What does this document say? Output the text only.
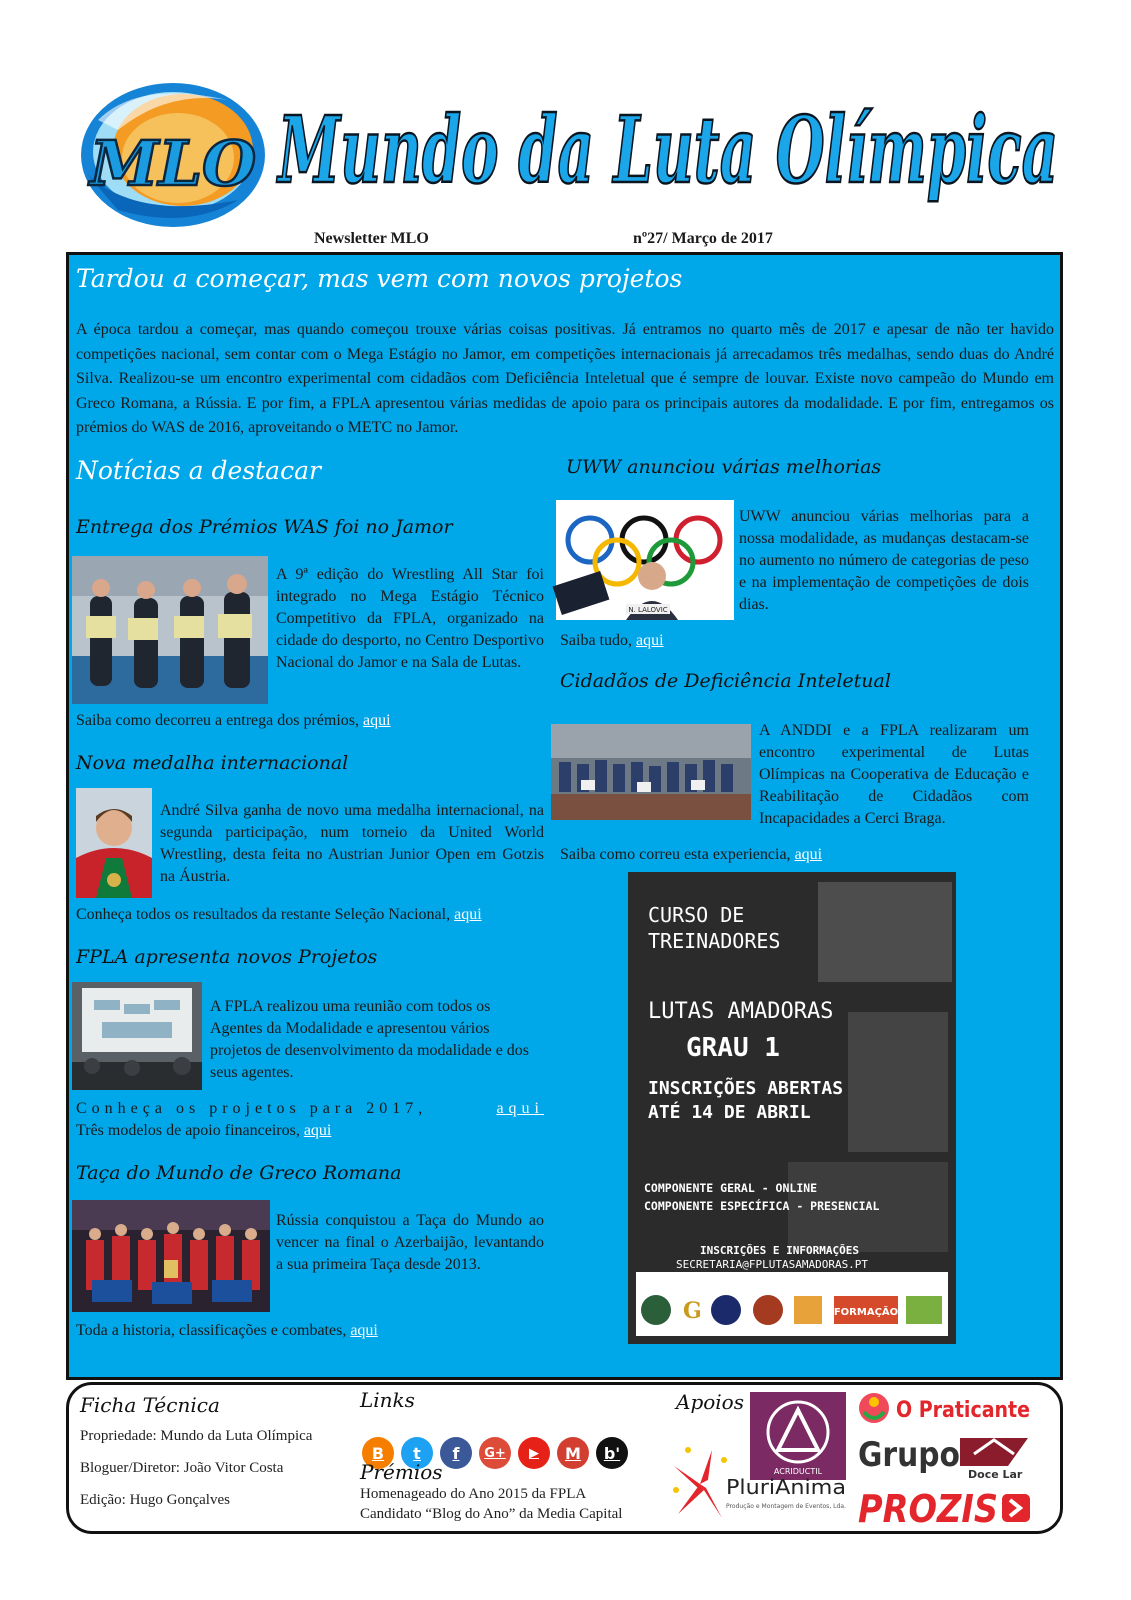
MLO Mundo da Luta Olímpica
Newsletter MLO	nº27/ Março de 2017
Tardou a começar, mas vem com novos projetos
A época tardou a começar, mas quando começou trouxe várias coisas positivas. Já entramos no quarto mês de 2017 e apesar de não ter havido competições nacional, sem contar com o Mega Estágio no Jamor, em competições internacionais já arrecadamos três medalhas, sendo duas do André Silva. Realizou-se um encontro experimental com cidadãos com Deficiência Inteletual que é sempre de louvar. Existe novo campeão do Mundo em Greco Romana, a Rússia. E por fim, a FPLA apresentou várias medidas de apoio para os principais autores da modalidade. E por fim, entregamos os prémios do WAS de 2016, aproveitando o METC no Jamor.
Notícias a destacar
Entrega dos Prémios WAS foi no Jamor
A 9ª edição do Wrestling All Star foi integrado no Mega Estágio Técnico Competitivo da FPLA, organizado na cidade do desporto, no Centro Desportivo Nacional do Jamor e na Sala de Lutas.
Saiba como decorreu a entrega dos prémios, aqui
Nova medalha internacional
André Silva ganha de novo uma medalha internacional, na segunda participação, num torneio da United World Wrestling, desta feita no Austrian Junior Open em Gotzis na Áustria.
Conheça todos os resultados da restante Seleção Nacional, aqui
FPLA apresenta novos Projetos
A FPLA realizou uma reunião com todos os Agentes da Modalidade e apresentou vários projetos de desenvolvimento da modalidade e dos seus agentes.
Conheça os projetos para 2017,	aqui
Três modelos de apoio financeiros, aqui
Taça do Mundo de Greco Romana
Rússia conquistou a Taça do Mundo ao vencer na final o Azerbaijão, levantando a sua primeira Taça desde 2013.
Toda a historia, classificações e combates, aqui
UWW anunciou várias melhorias
N. LALOVIC
UWW anunciou várias melhorias para a nossa modalidade, as mudanças destacam-se no aumento no número de categorias de peso e na implementação de competições de dois dias.
Saiba tudo, aqui
Cidadãos de Deficiência Inteletual
A ANDDI e a FPLA realizaram um encontro experimental de Lutas Olímpicas na Cooperativa de Educação e Reabilitação de Cidadãos com Incapacidades a Cerci Braga.
Saiba como correu esta experiencia, aqui
CURSO DE
TREINADORES
LUTAS AMADORAS
GRAU 1
INSCRIÇÕES ABERTAS
ATÉ 14 DE ABRIL
COMPONENTE GERAL - ONLINE
COMPONENTE ESPECÍFICA - PRESENCIAL
INSCRIÇÕES E INFORMAÇÕES
SECRETARIA@FPLUTASAMADORAS.PT
WWW. PORTUGAL-WRESTLING.ORG
G	FORMAÇÃO
Ficha Técnica
Propriedade: Mundo da Luta Olímpica
Bloguer/Diretor: João Vitor Costa
Edição: Hugo Gonçalves
Links
B	t	f	G+	▶	M	b'
Prémios
Homenageado do Ano 2015 da FPLA
Candidato “Blog do Ano” da Media Capital
Apoios
ACRIDUCTIL
O Praticante
Grupo Doce Lar
PluriAnima
Produção e Montagem de Eventos, Lda. PROZIS
